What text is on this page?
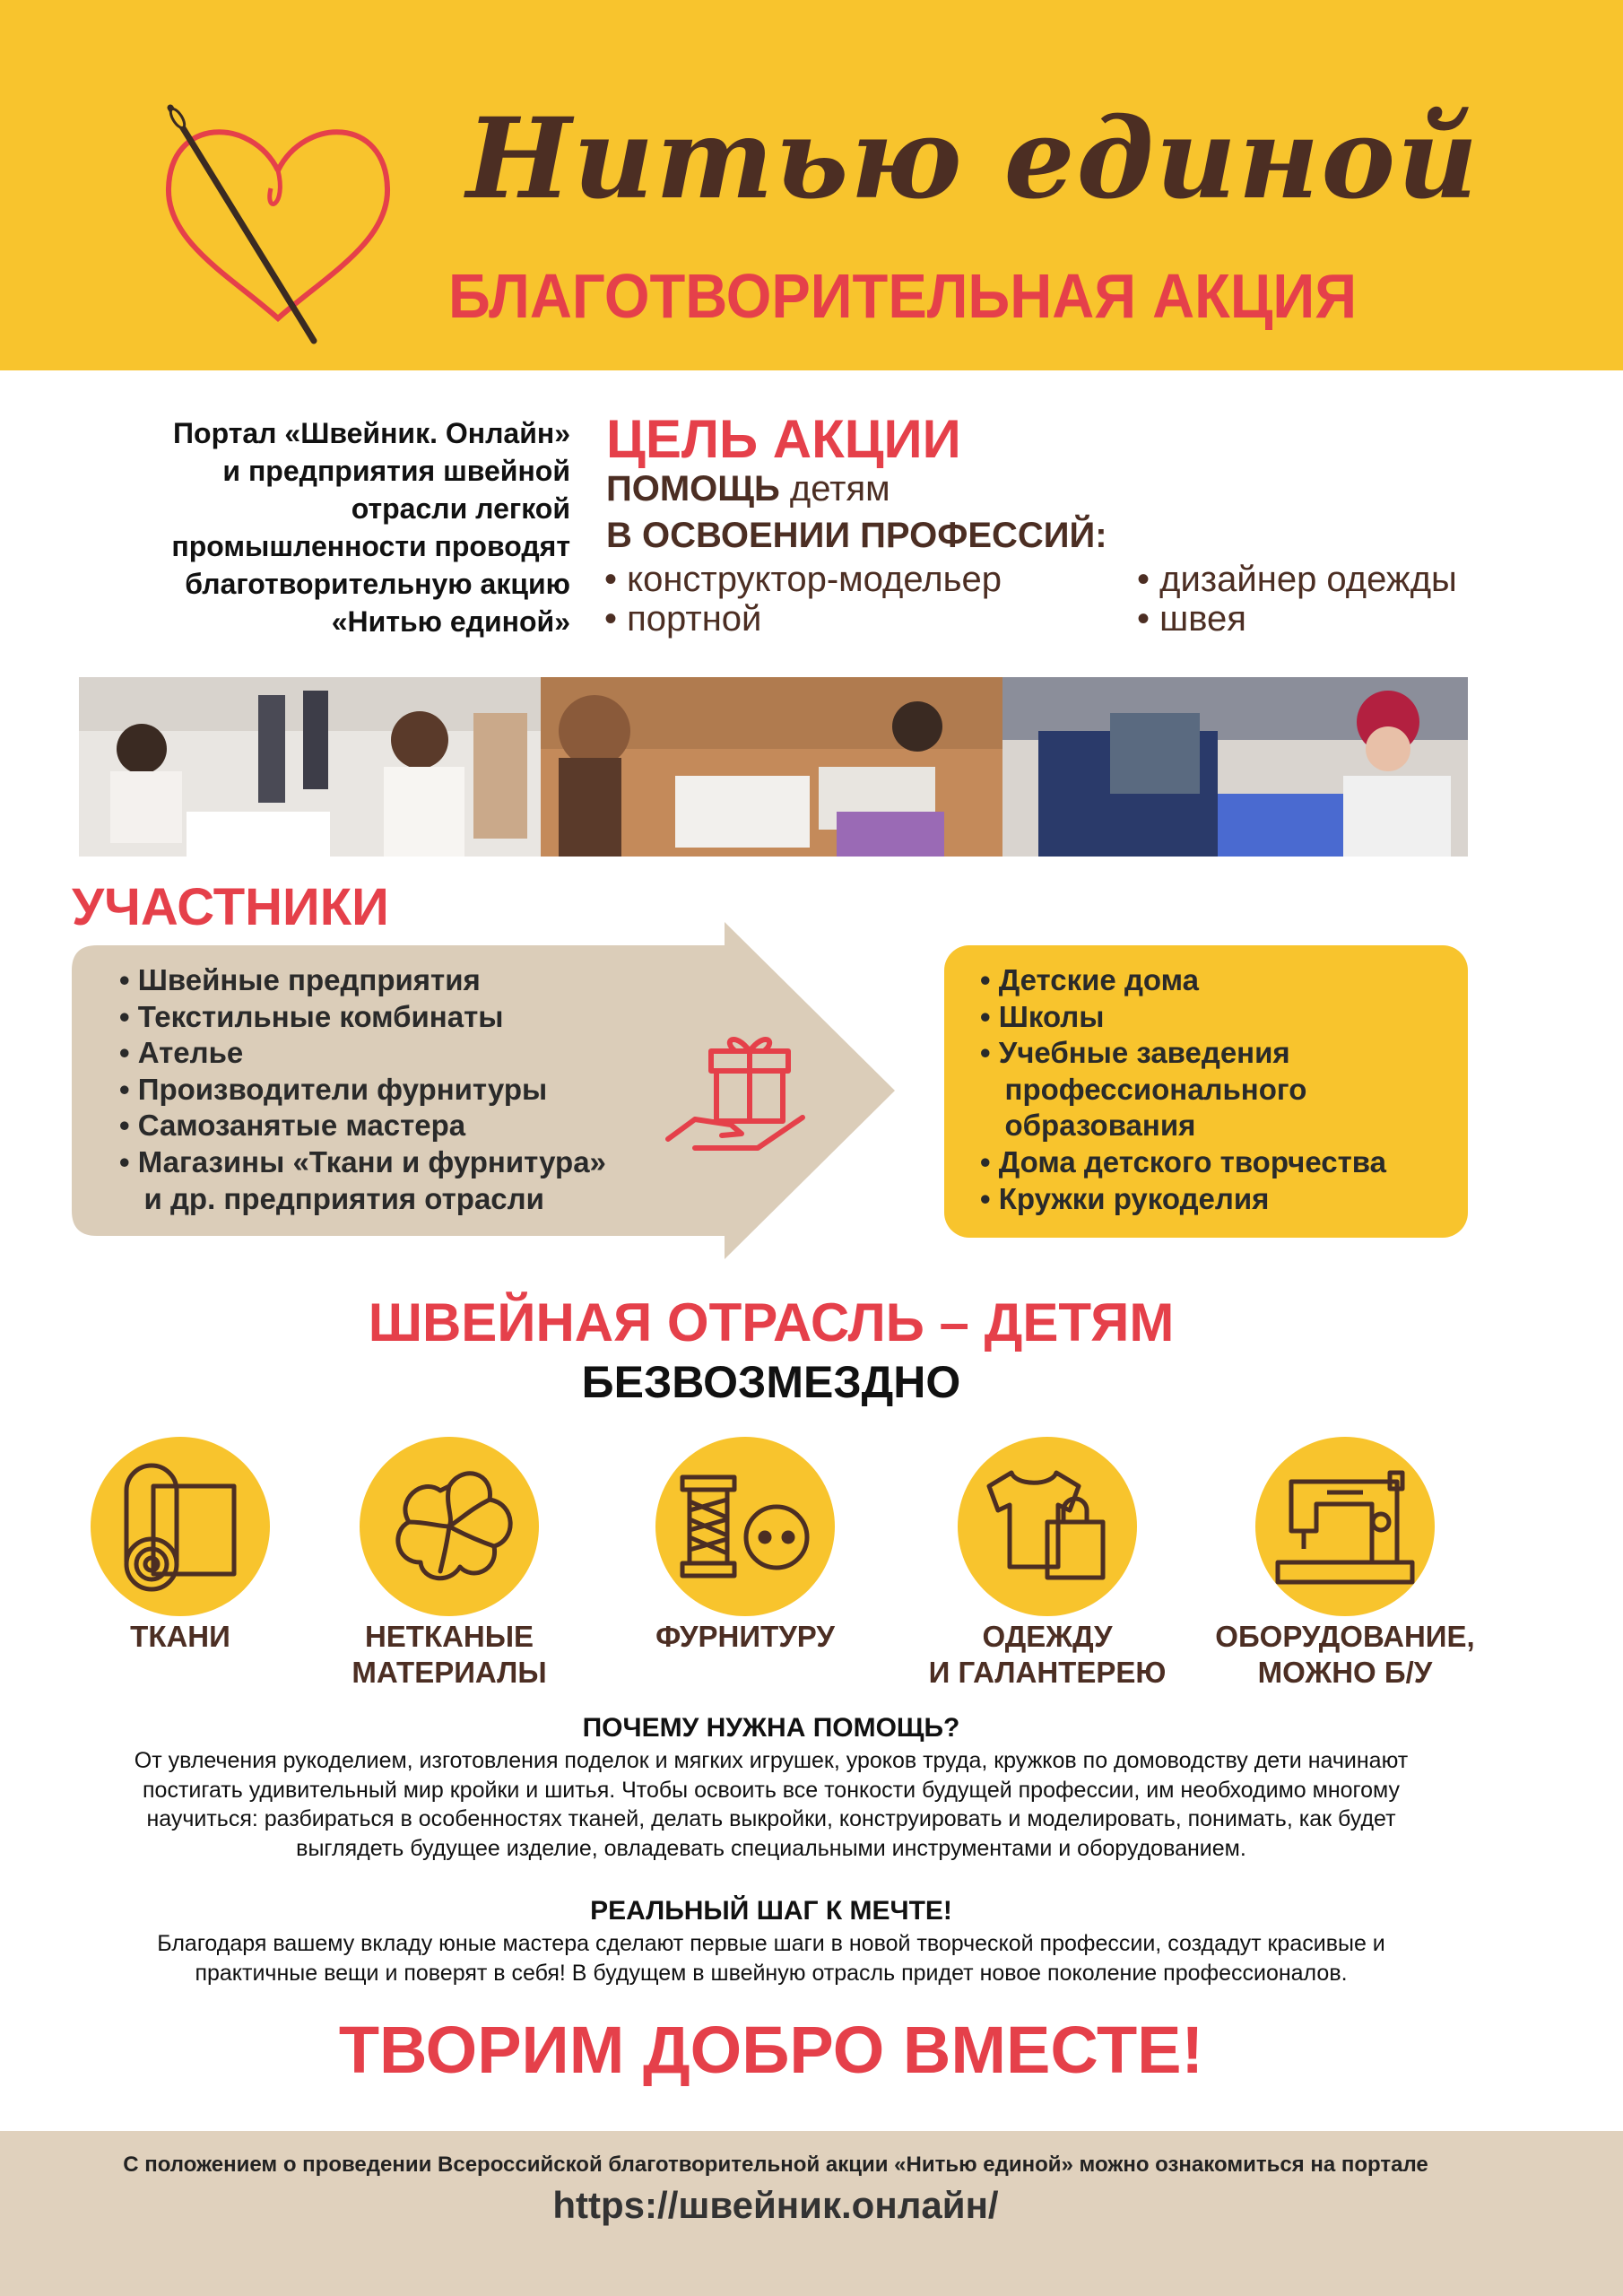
Нитью единой
БЛАГОТВОРИТЕЛЬНАЯ АКЦИЯ
Портал «Швейник. Онлайн»
и предприятия швейной
отрасли легкой
промышленности проводят
благотворительную акцию
«Нитью единой»
ЦЕЛЬ АКЦИИ
ПОМОЩЬ детям
В ОСВОЕНИИ ПРОФЕССИЙ:
• конструктор-модельер
• портной
• дизайнер одежды
• швея
УЧАСТНИКИ
• Швейные предприятия
• Текстильные комбинаты
• Ателье
• Производители фурнитуры
• Самозанятые мастера
• Магазины «Ткани и фурнитура»
и др. предприятия отрасли
• Детские дома
• Школы
• Учебные заведения
профессионального
образования
• Дома детского творчества
• Кружки рукоделия
ШВЕЙНАЯ ОТРАСЛЬ – ДЕТЯМ
БЕЗВОЗМЕЗДНО
ТКАНИ	НЕТКАНЫЕ
МАТЕРИАЛЫ
ФУРНИТУРУ	ОДЕЖДУ
И ГАЛАНТЕРЕЮ
ОБОРУДОВАНИЕ,
МОЖНО Б/У
ПОЧЕМУ НУЖНА ПОМОЩЬ?
От увлечения рукоделием, изготовления поделок и мягких игрушек, уроков труда, кружков по домоводству дети начинают
постигать удивительный мир кройки и шитья. Чтобы освоить все тонкости будущей профессии, им необходимо многому
научиться: разбираться в особенностях тканей, делать выкройки, конструировать и моделировать, понимать, как будет
выглядеть будущее изделие, овладевать специальными инструментами и оборудованием.
РЕАЛЬНЫЙ ШАГ К МЕЧТЕ!
Благодаря вашему вкладу юные мастера сделают первые шаги в новой творческой профессии, создадут красивые и
практичные вещи и поверят в себя! В будущем в швейную отрасль придет новое поколение профессионалов.
ТВОРИМ ДОБРО ВМЕСТЕ!
С положением о проведении Всероссийской благотворительной акции «Нитью единой» можно ознакомиться на портале
https://швейник.онлайн/
